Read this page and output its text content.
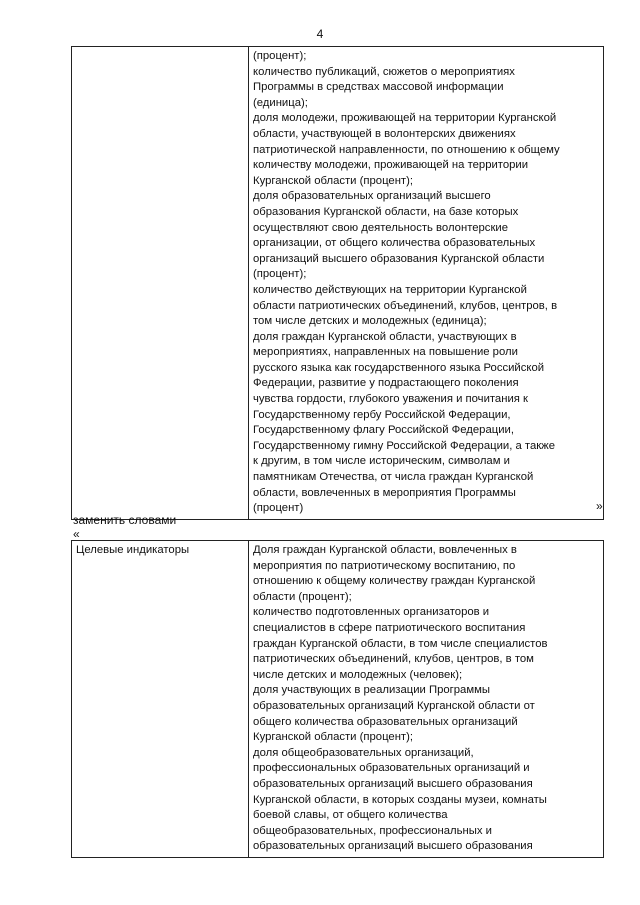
4

(процент);
количество публикаций, сюжетов о мероприятиях
Программы в средствах массовой информации
(единица);
доля молодежи, проживающей на территории Курганской
области, участвующей в волонтерских движениях
патриотической направленности, по отношению к общему
количеству молодежи, проживающей на территории
Курганской области (процент);
доля образовательных организаций высшего
образования Курганской области, на базе которых
осуществляют свою деятельность волонтерские
организации, от общего количества образовательных
организаций высшего образования Курганской области
(процент);
количество действующих на территории Курганской
области патриотических объединений, клубов, центров, в
том числе детских и молодежных (единица);
доля граждан Курганской области, участвующих в
мероприятиях, направленных на повышение роли
русского языка как государственного языка Российской
Федерации, развитие у подрастающего поколения
чувства гордости, глубокого уважения и почитания к
Государственному гербу Российской Федерации,
Государственному флагу Российской Федерации,
Государственному гимну Российской Федерации, а также
к другим, в том числе историческим, символам и
памятникам Отечества, от числа граждан Курганской
области, вовлеченных в мероприятия Программы
(процент)	»
заменить словами
«
Целевые индикаторы	Доля граждан Курганской области, вовлеченных в
мероприятия по патриотическому воспитанию, по
отношению к общему количеству граждан Курганской
области (процент);
количество подготовленных организаторов и
специалистов в сфере патриотического воспитания
граждан Курганской области, в том числе специалистов
патриотических объединений, клубов, центров, в том
числе детских и молодежных (человек);
доля участвующих в реализации Программы
образовательных организаций Курганской области от
общего количества образовательных организаций
Курганской области (процент);
доля общеобразовательных организаций,
профессиональных образовательных организаций и
образовательных организаций высшего образования
Курганской области, в которых созданы музеи, комнаты
боевой славы, от общего количества
общеобразовательных, профессиональных и
образовательных организаций высшего образования
